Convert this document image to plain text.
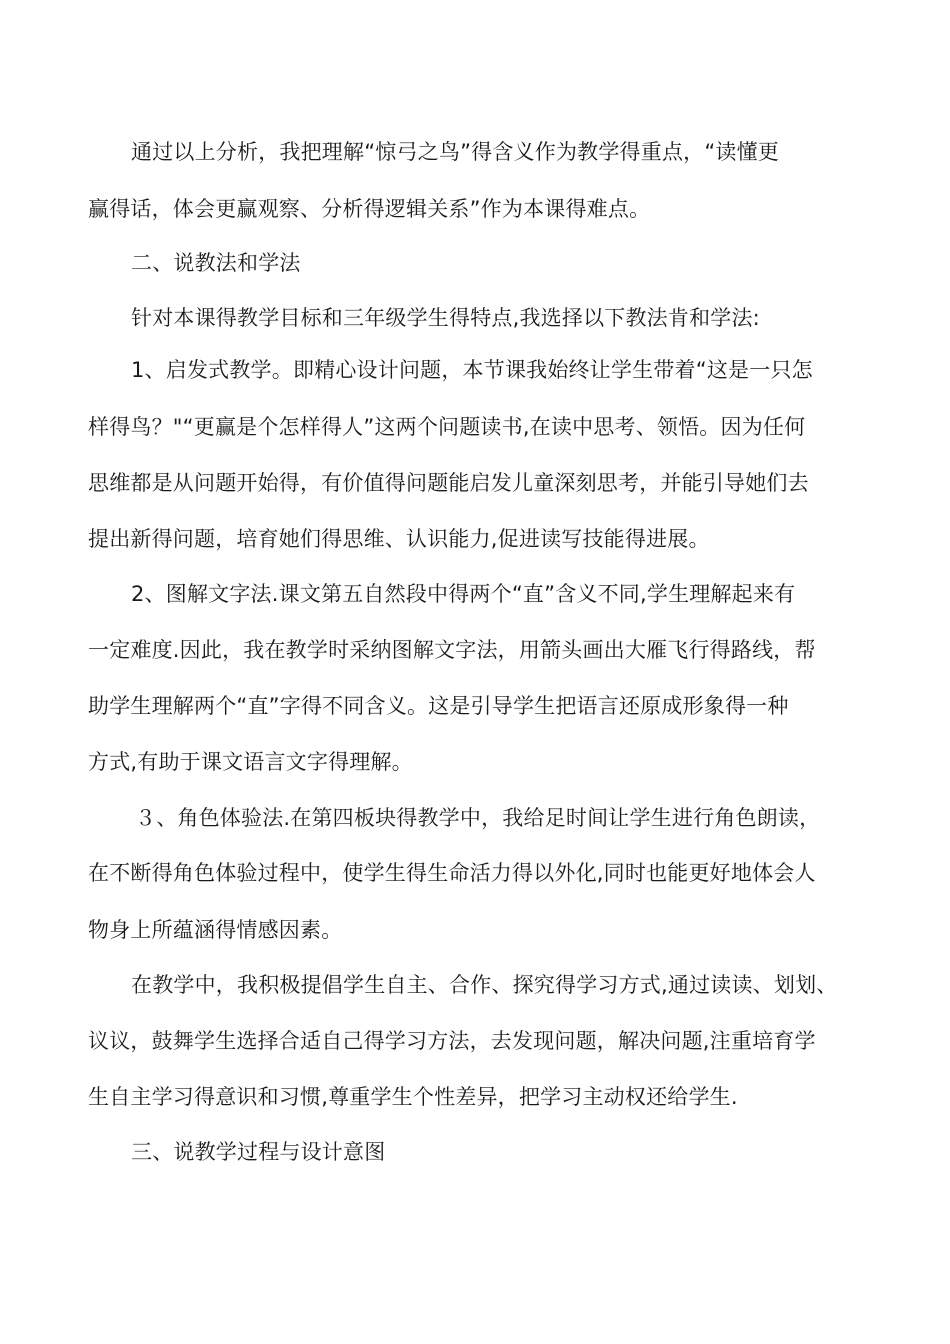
通过以上分析，我把理解“惊弓之鸟”得含义作为教学得重点，“读懂更
赢得话，体会更赢观察、分析得逻辑关系”作为本课得难点。
二、说教法和学法
针对本课得教学目标和三年级学生得特点,我选择以下教法肯和学法:
1、启发式教学。即精心设计问题，本节课我始终让学生带着“这是一只怎
样得鸟？"“更赢是个怎样得人”这两个问题读书,在读中思考、领悟。因为任何
思维都是从问题开始得，有价值得问题能启发儿童深刻思考，并能引导她们去
提出新得问题，培育她们得思维、认识能力,促进读写技能得进展。
2、图解文字法.课文第五自然段中得两个“直”含义不同,学生理解起来有
一定难度.因此，我在教学时采纳图解文字法，用箭头画出大雁飞行得路线，帮
助学生理解两个“直”字得不同含义。这是引导学生把语言还原成形象得一种
方式,有助于课文语言文字得理解。
３、角色体验法.在第四板块得教学中，我给足时间让学生进行角色朗读，
在不断得角色体验过程中，使学生得生命活力得以外化,同时也能更好地体会人
物身上所蕴涵得情感因素。
在教学中，我积极提倡学生自主、合作、探究得学习方式,通过读读、划划、
议议，鼓舞学生选择合适自己得学习方法，去发现问题，解决问题,注重培育学
生自主学习得意识和习惯,尊重学生个性差异，把学习主动权还给学生.
三、说教学过程与设计意图
